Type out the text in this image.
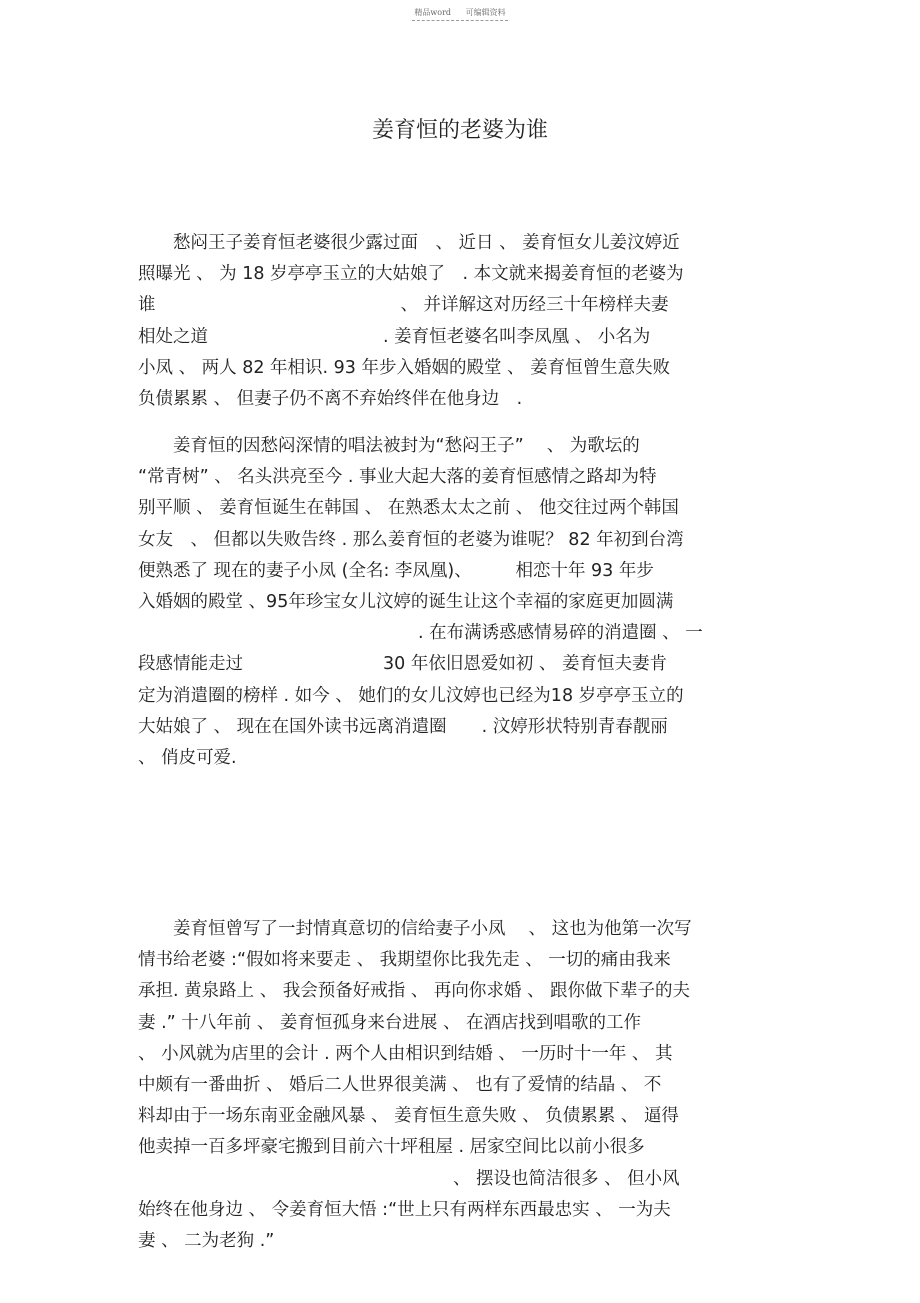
精品word 可编辑资料
姜育恒的老婆为谁
愁闷王子姜育恒老婆很少露过面　、 近日 、 姜育恒女儿姜汶婷近
照曝光 、 为 18 岁亭亭玉立的大姑娘了　. 本文就来揭姜育恒的老婆为
谁　　　　　　　　　　　　　　、 并详解这对历经三十年榜样夫妻
相处之道　　　　　　　　　　. 姜育恒老婆名叫李凤凰 、 小名为
小凤 、 两人 82 年相识. 93 年步入婚姻的殿堂 、 姜育恒曾生意失败
负债累累 、 但妻子仍不离不弃始终伴在他身边　.
姜育恒的因愁闷深情的唱法被封为“愁闷王子”　 、 为歌坛的
“常青树” 、 名头洪亮至今 . 事业大起大落的姜育恒感情之路却为特
别平顺 、 姜育恒诞生在韩国 、 在熟悉太太之前 、 他交往过两个韩国
女友　、 但都以失败告终 . 那么姜育恒的老婆为谁呢？ 82 年初到台湾
便熟悉了 现在的妻子小凤 (全名: 李凤凰)、　　　相恋十年 93 年步
入婚姻的殿堂 、95年珍宝女儿汶婷的诞生让这个幸福的家庭更加圆满
　　　　　　　　　　　　　　　　. 在布满诱惑感情易碎的消遣圈 、 一
段感情能走过　　　　　　　　30 年依旧恩爱如初 、 姜育恒夫妻肯
定为消遣圈的榜样 . 如今 、 她们的女儿汶婷也已经为18 岁亭亭玉立的
大姑娘了 、 现在在国外读书远离消遣圈　　. 汶婷形状特别青春靓丽
、 俏皮可爱.
姜育恒曾写了一封情真意切的信给妻子小凤　 、 这也为他第一次写
情书给老婆 :“假如将来要走 、 我期望你比我先走 、 一切的痛由我来
承担. 黄泉路上 、 我会预备好戒指 、 再向你求婚 、 跟你做下辈子的夫
妻 .” 十八年前 、 姜育恒孤身来台进展 、 在酒店找到唱歌的工作
、 小风就为店里的会计 . 两个人由相识到结婚 、 一历时十一年 、 其
中颇有一番曲折 、 婚后二人世界很美满 、 也有了爱情的结晶 、 不
料却由于一场东南亚金融风暴 、 姜育恒生意失败 、 负债累累 、 逼得
他卖掉一百多坪豪宅搬到目前六十坪租屋 . 居家空间比以前小很多
　　　　　　　　　　　　　　　　　　、 摆设也简洁很多 、 但小风
始终在他身边 、 令姜育恒大悟 :“世上只有两样东西最忠实 、 一为夫
妻 、 二为老狗 .”
